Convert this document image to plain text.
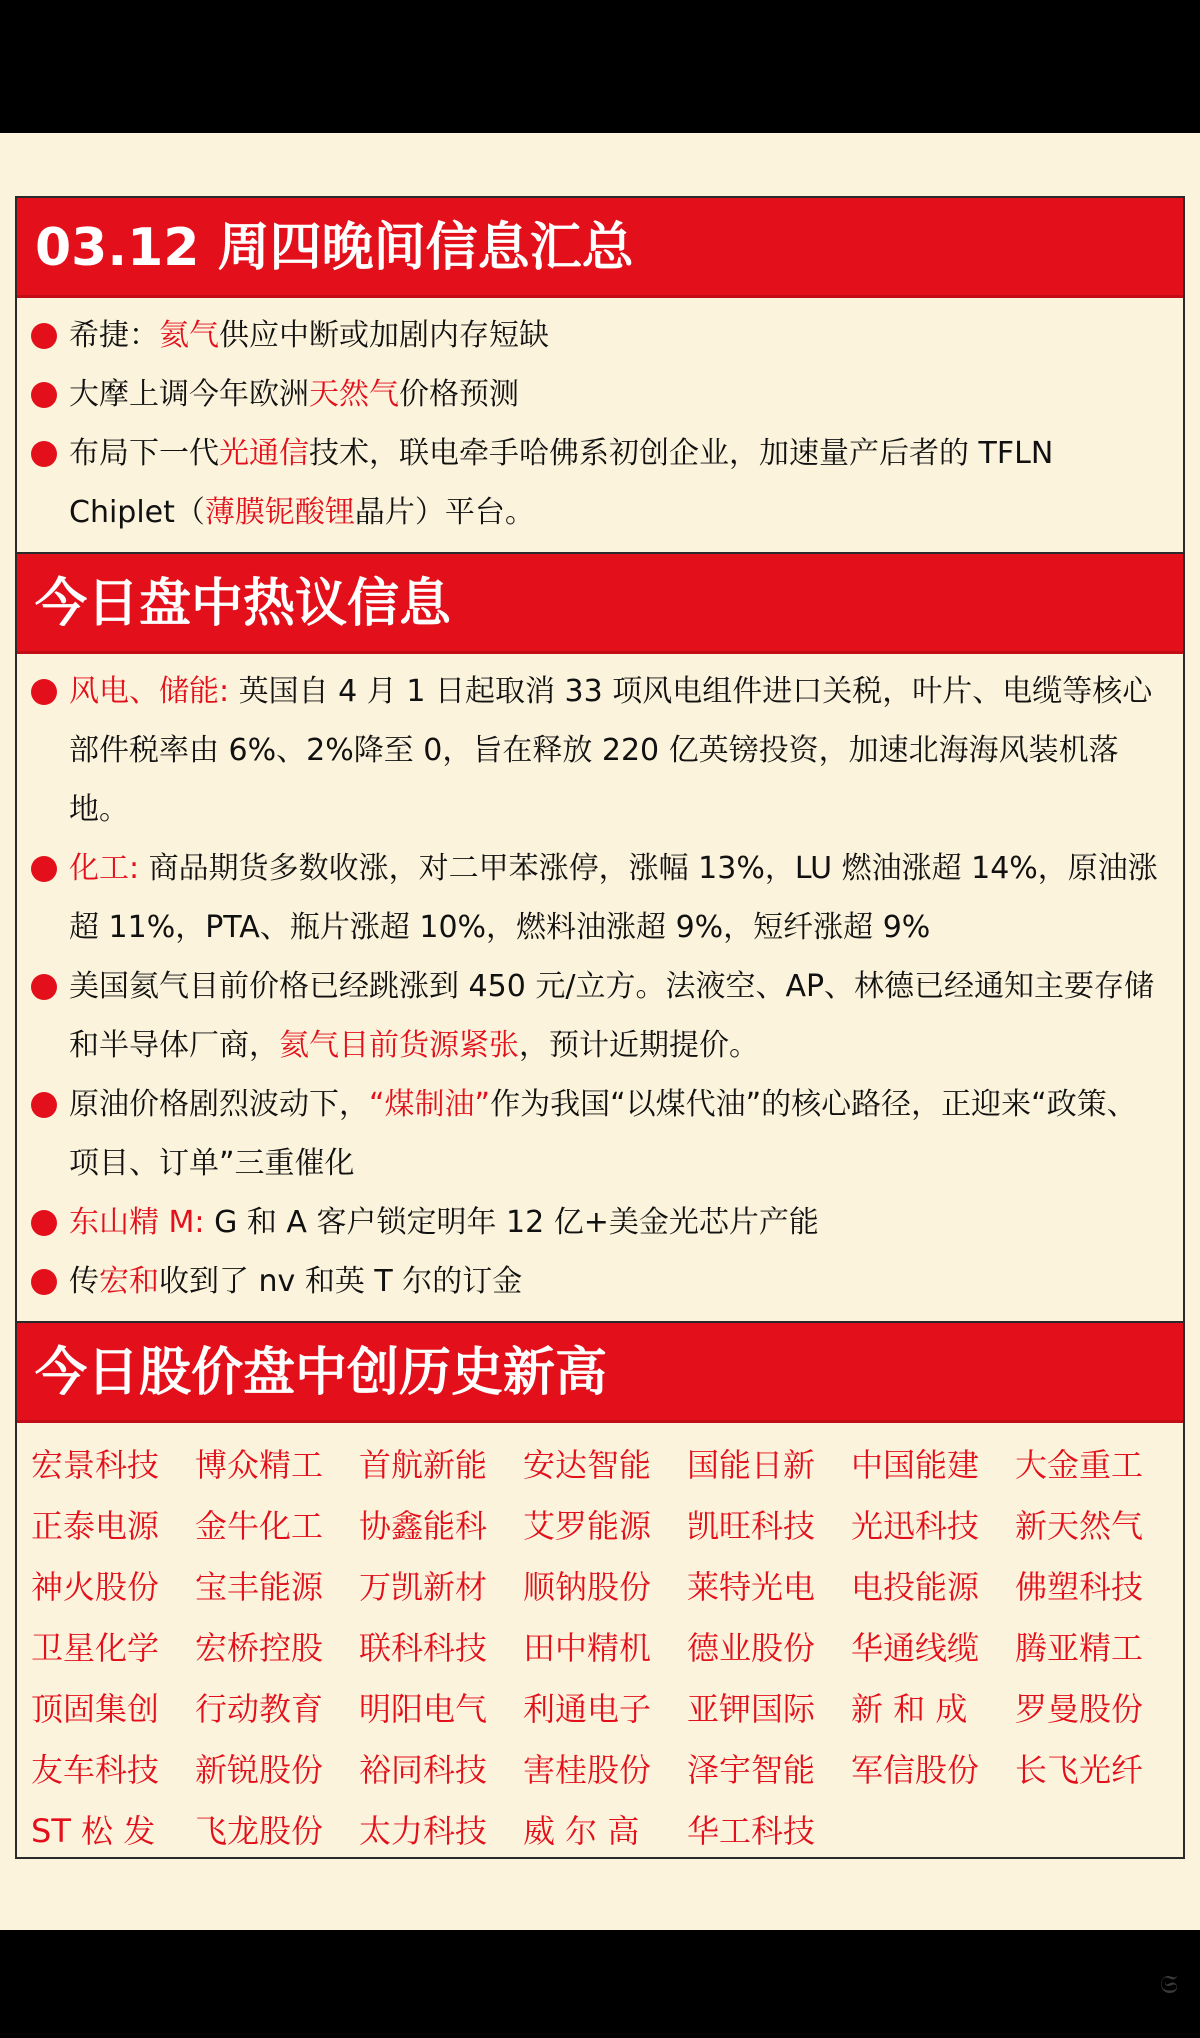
03.12 周四晚间信息汇总
希捷：氦气供应中断或加剧内存短缺
大摩上调今年欧洲天然气价格预测
布局下一代光通信技术，联电牵手哈佛系初创企业，加速量产后者的 TFLN Chiplet（薄膜铌酸锂晶片）平台。
今日盘中热议信息
风电、储能: 英国自 4 月 1 日起取消 33 项风电组件进口关税，叶片、电缆等核心部件税率由 6%、2%降至 0，旨在释放 220 亿英镑投资，加速北海海风装机落地。
化工: 商品期货多数收涨，对二甲苯涨停，涨幅 13%，LU 燃油涨超 14%，原油涨超 11%，PTA、瓶片涨超 10%，燃料油涨超 9%，短纤涨超 9%
美国氦气目前价格已经跳涨到 450 元/立方。法液空、AP、林德已经通知主要存储和半导体厂商，氦气目前货源紧张，预计近期提价。
原油价格剧烈波动下，“煤制油”作为我国“以煤代油”的核心路径，正迎来“政策、项目、订单”三重催化
东山精 M: G 和 A 客户锁定明年 12 亿+美金光芯片产能
传宏和收到了 nv 和英 T 尔的订金
今日股价盘中创历史新高
宏景科技	博众精工	首航新能	安达智能	国能日新	中国能建	大金重工
正泰电源	金牛化工	协鑫能科	艾罗能源	凯旺科技	光迅科技	新天然气
神火股份	宝丰能源	万凯新材	顺钠股份	莱特光电	电投能源	佛塑科技
卫星化学	宏桥控股	联科科技	田中精机	德业股份	华通线缆	腾亚精工
顶固集创	行动教育	明阳电气	利通电子	亚钾国际	新 和 成	罗曼股份
友车科技	新锐股份	裕同科技	害桂股份	泽宇智能	军信股份	长飞光纤
ST 松 发	飞龙股份	太力科技	威 尔 高	华工科技
𝔖
